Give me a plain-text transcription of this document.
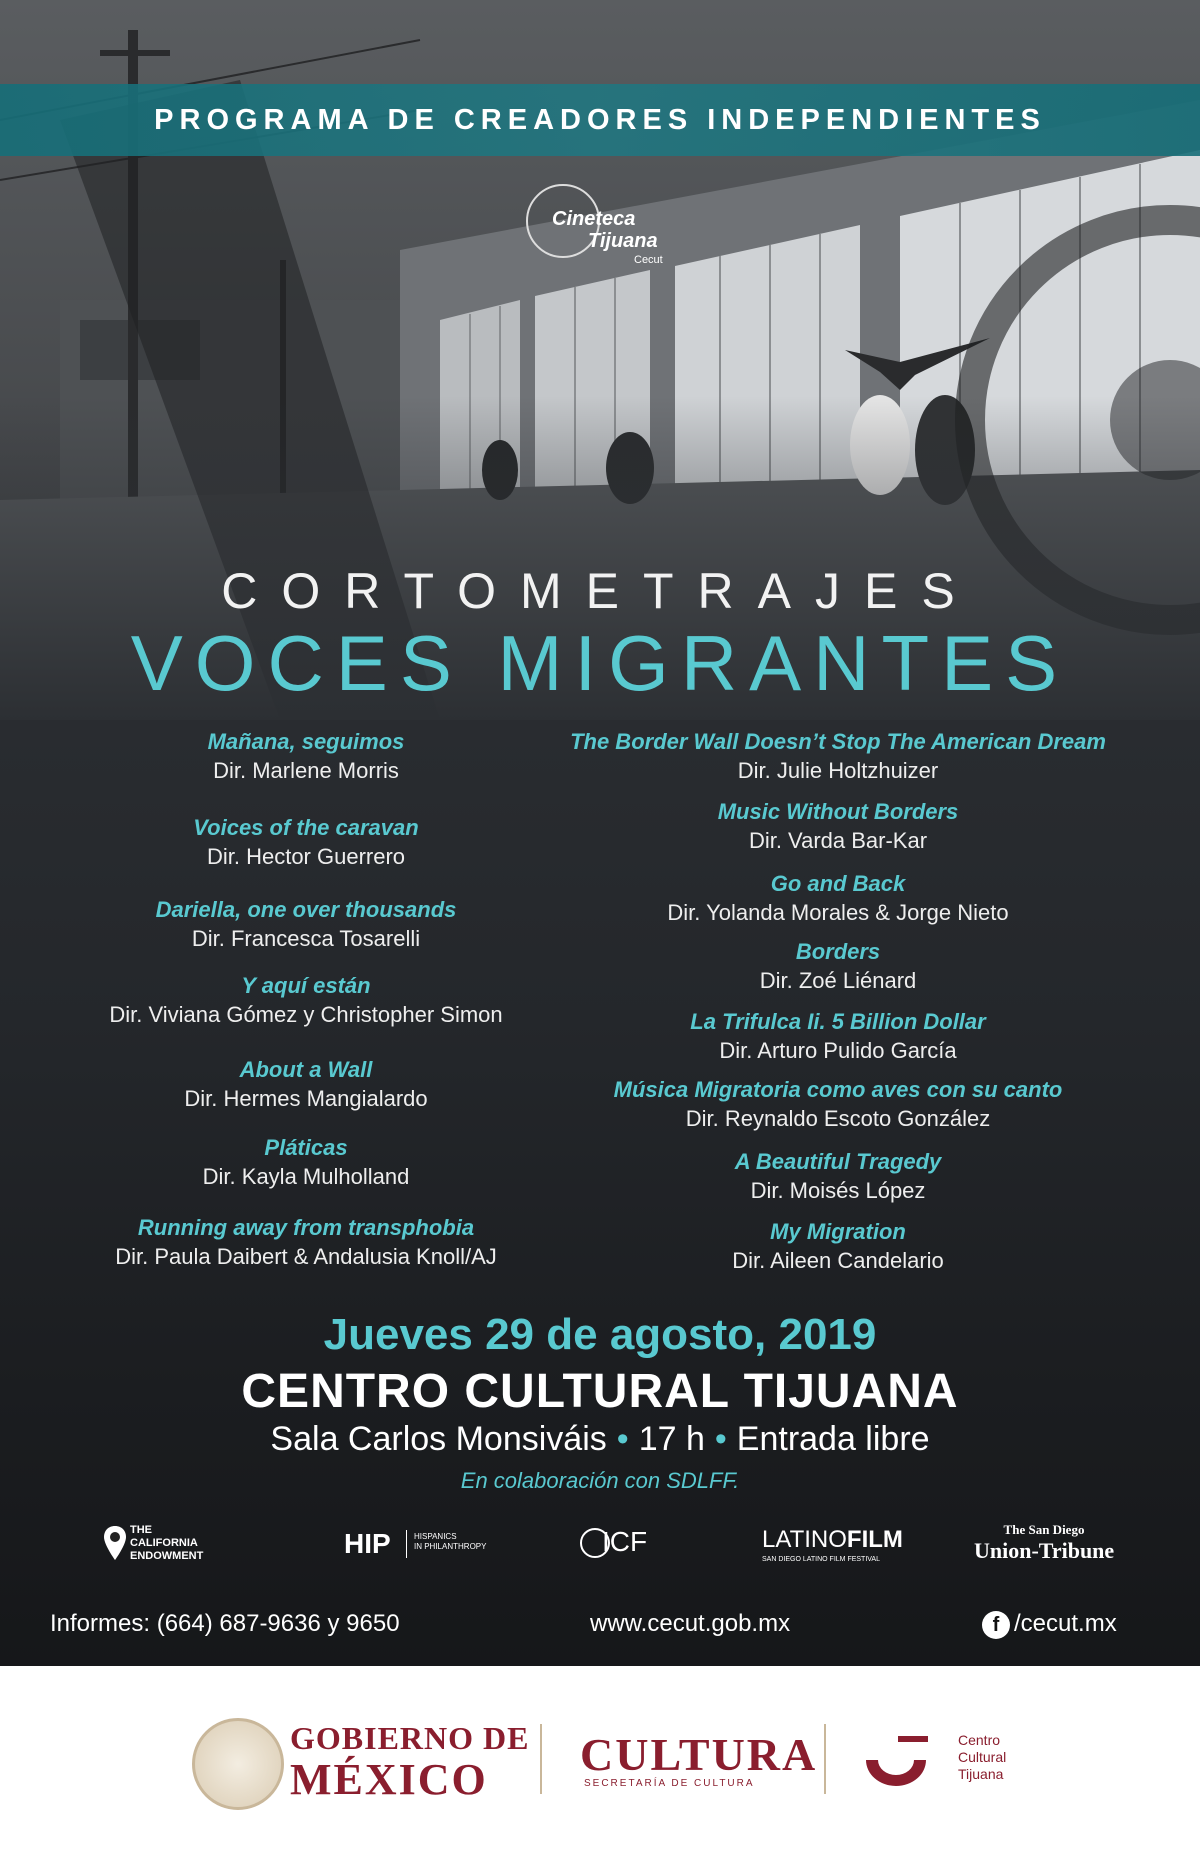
PROGRAMA DE CREADORES INDEPENDIENTES
Cineteca
Tijuana
Cecut
CORTOMETRAJES
VOCES MIGRANTES
Mañana, seguimos
Dir. Marlene Morris
Voices of the caravan
Dir. Hector Guerrero
Dariella, one over thousands
Dir. Francesca Tosarelli
Y aquí están
Dir. Viviana Gómez y Christopher Simon
About a Wall
Dir. Hermes Mangialardo
Pláticas
Dir. Kayla Mulholland
Running away from transphobia
Dir. Paula Daibert & Andalusia Knoll/AJ
The Border Wall Doesn’t Stop The American Dream
Dir. Julie Holtzhuizer
Music Without Borders
Dir. Varda Bar-Kar
Go and Back
Dir. Yolanda Morales & Jorge Nieto
Borders
Dir. Zoé Liénard
La Trifulca Ii. 5 Billion Dollar
Dir. Arturo Pulido García
Música Migratoria como aves con su canto
Dir. Reynaldo Escoto González
A Beautiful Tragedy
Dir. Moisés López
My Migration
Dir. Aileen Candelario
Jueves 29 de agosto, 2019
CENTRO CULTURAL TIJUANA
Sala Carlos Monsiváis • 17 h • Entrada libre
En colaboración con SDLFF.
THE
CALIFORNIA
ENDOWMENT	HIP	HISPANICS
IN PHILANTHROPY	ICF	LATINOFILM
SAN DIEGO LATINO FILM FESTIVAL
The San Diego
Union-Tribune
Informes: (664) 687-9636 y 9650	www.cecut.gob.mx	f /cecut.mx
GOBIERNO DE
MÉXICO CULTURA
SECRETARÍA DE CULTURA
Centro
Cultural
Tijuana
